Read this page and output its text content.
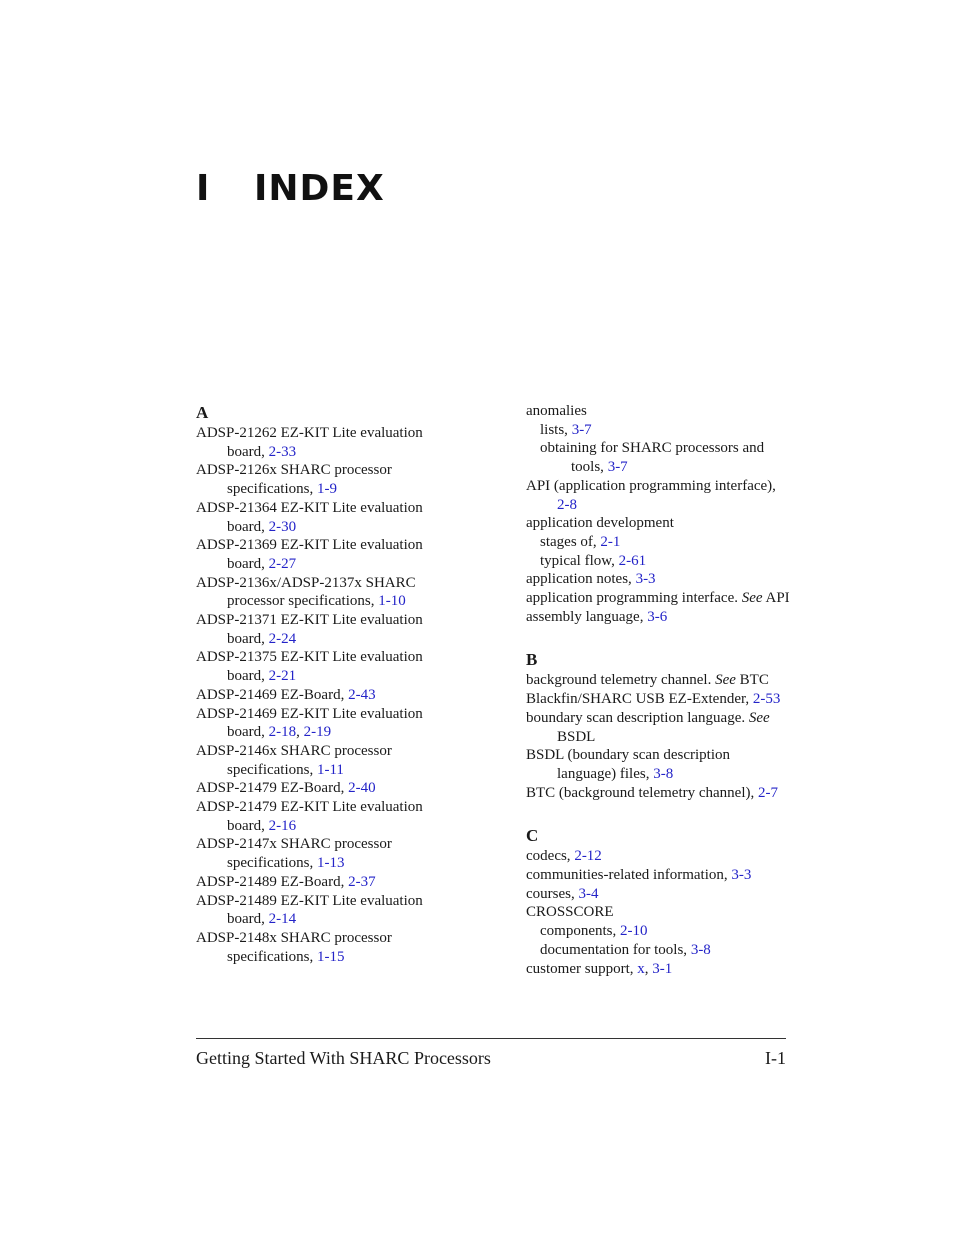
I INDEX
A
ADSP-21262 EZ-KIT Lite evaluation
board, 2-33
ADSP-2126x SHARC processor
specifications, 1-9
ADSP-21364 EZ-KIT Lite evaluation
board, 2-30
ADSP-21369 EZ-KIT Lite evaluation
board, 2-27
ADSP-2136x/ADSP-2137x SHARC
processor specifications, 1-10
ADSP-21371 EZ-KIT Lite evaluation
board, 2-24
ADSP-21375 EZ-KIT Lite evaluation
board, 2-21
ADSP-21469 EZ-Board, 2-43
ADSP-21469 EZ-KIT Lite evaluation
board, 2-18, 2-19
ADSP-2146x SHARC processor
specifications, 1-11
ADSP-21479 EZ-Board, 2-40
ADSP-21479 EZ-KIT Lite evaluation
board, 2-16
ADSP-2147x SHARC processor
specifications, 1-13
ADSP-21489 EZ-Board, 2-37
ADSP-21489 EZ-KIT Lite evaluation
board, 2-14
ADSP-2148x SHARC processor
specifications, 1-15
anomalies
lists, 3-7
obtaining for SHARC processors and
tools, 3-7
API (application programming interface),
2-8
application development
stages of, 2-1
typical flow, 2-61
application notes, 3-3
application programming interface. See API
assembly language, 3-6
B
background telemetry channel. See BTC
Blackfin/SHARC USB EZ-Extender, 2-53
boundary scan description language. See
BSDL
BSDL (boundary scan description
language) files, 3-8
BTC (background telemetry channel), 2-7
C
codecs, 2-12
communities-related information, 3-3
courses, 3-4
CROSSCORE
components, 2-10
documentation for tools, 3-8
customer support, x, 3-1
Getting Started With SHARC Processors	I-1
